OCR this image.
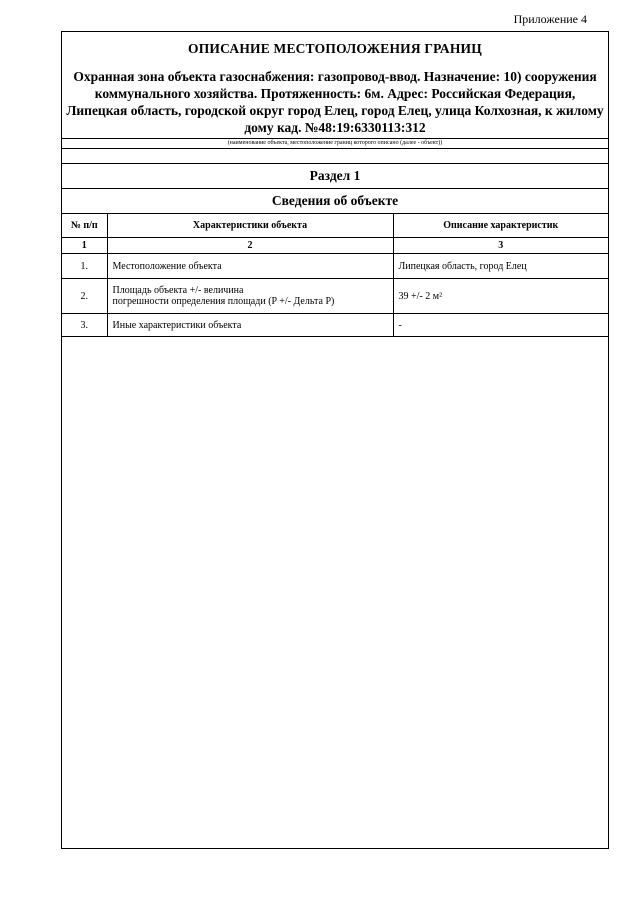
Приложение 4
ОПИСАНИЕ МЕСТОПОЛОЖЕНИЯ ГРАНИЦ
Охранная зона объекта газоснабжения: газопровод-ввод. Назначение: 10) сооружения коммунального хозяйства. Протяженность: 6м. Адрес: Российская Федерация, Липецкая область, городской округ город Елец, город Елец, улица Колхозная, к жилому дому кад. №48:19:6330113:312
(наименование объекта, местоположение границ которого описано (далее - объект))
Раздел 1
Сведения об объекте
№ п/п	Характеристики объекта	Описание характеристик
1	2	3
1.	Местоположение объекта	Липецкая область, город Елец
2.	Площадь объекта +/- величина
погрешности определения площади (P +/- Дельта P)	39 +/- 2 м²
3.	Иные характеристики объекта	-
